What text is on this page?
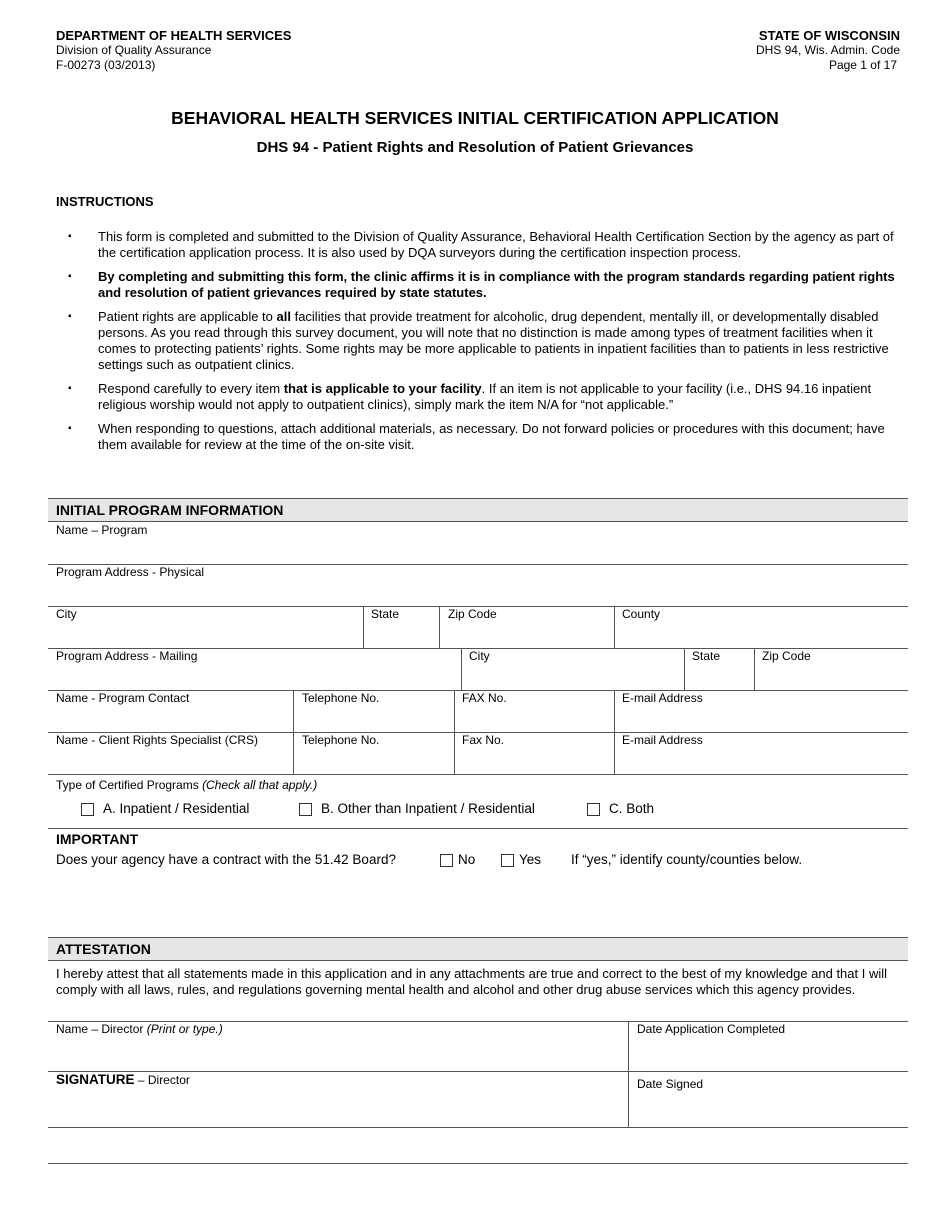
DEPARTMENT OF HEALTH SERVICES
Division of Quality Assurance
F-00273 (03/2013)
STATE OF WISCONSIN
DHS 94, Wis. Admin. Code
Page 1 of 17
BEHAVIORAL HEALTH SERVICES INITIAL CERTIFICATION APPLICATION
DHS 94 - Patient Rights and Resolution of Patient Grievances
INSTRUCTIONS
▪ This form is completed and submitted to the Division of Quality Assurance, Behavioral Health Certification Section by the agency as part of the certification application process. It is also used by DQA surveyors during the certification inspection process.
▪ By completing and submitting this form, the clinic affirms it is in compliance with the program standards regarding patient rights and resolution of patient grievances required by state statutes.
▪ Patient rights are applicable to all facilities that provide treatment for alcoholic, drug dependent, mentally ill, or developmentally disabled persons. As you read through this survey document, you will note that no distinction is made among types of treatment facilities when it comes to protecting patients’ rights. Some rights may be more applicable to patients in inpatient facilities than to patients in less restrictive settings such as outpatient clinics.
▪ Respond carefully to every item that is applicable to your facility. If an item is not applicable to your facility (i.e., DHS 94.16 inpatient religious worship would not apply to outpatient clinics), simply mark the item N/A for “not applicable.”
▪ When responding to questions, attach additional materials, as necessary. Do not forward policies or procedures with this document; have them available for review at the time of the on-site visit.
INITIAL PROGRAM INFORMATION
Name – Program
Program Address - Physical
City	State	Zip Code	County
Program Address - Mailing	City	State	Zip Code
Name - Program Contact	Telephone No.	FAX No.	E-mail Address
Name - Client Rights Specialist (CRS)	Telephone No.	Fax No.	E-mail Address
Type of Certified Programs (Check all that apply.)
A. Inpatient / Residential	B. Other than Inpatient / Residential	C. Both
IMPORTANT
Does your agency have a contract with the 51.42 Board?	No	Yes If “yes,” identify county/counties below.
ATTESTATION
I hereby attest that all statements made in this application and in any attachments are true and correct to the best of my knowledge and that I will comply with all laws, rules, and regulations governing mental health and alcohol and other drug abuse services which this agency provides.
Name – Director (Print or type.)	Date Application Completed
SIGNATURE – Director	Date Signed
